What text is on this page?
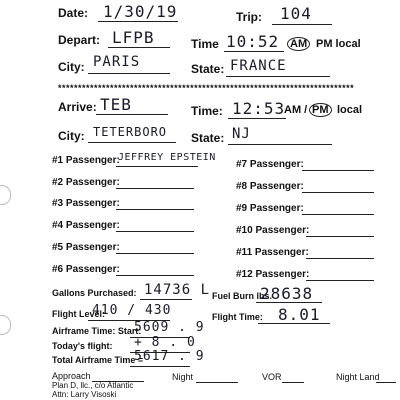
Date: 1/30/19	Trip: 104
Depart: LFPB	Time 10:52 AM PM local
City: PARIS	State: FRANCE
**************************************************************************
Arrive: TEB	Time: 12:53
AM / PM local
City: TETERBORO State: NJ
#1 Passenger:
JEFFREY EPSTEIN
#2 Passenger:
#3 Passenger:
#4 Passenger:
#5 Passenger:
#6 Passenger:
#7 Passenger:
#8 Passenger:
#9 Passenger:
#10 Passenger:
#11 Passenger:
#12 Passenger:
Gallons Purchased: 14736 L Fuel Burn lbs.
28638
Flight Level:
410 / 430	Flight Time: 8.01
Airframe Time: Start:
5609 . 9
Today's flight: + 8 . 0
Total Airframe Time =
5617 . 9
Approach	Night	VOR	Night Land
Plan D, llc., c/o Atlantic
Attn: Larry Visoski
